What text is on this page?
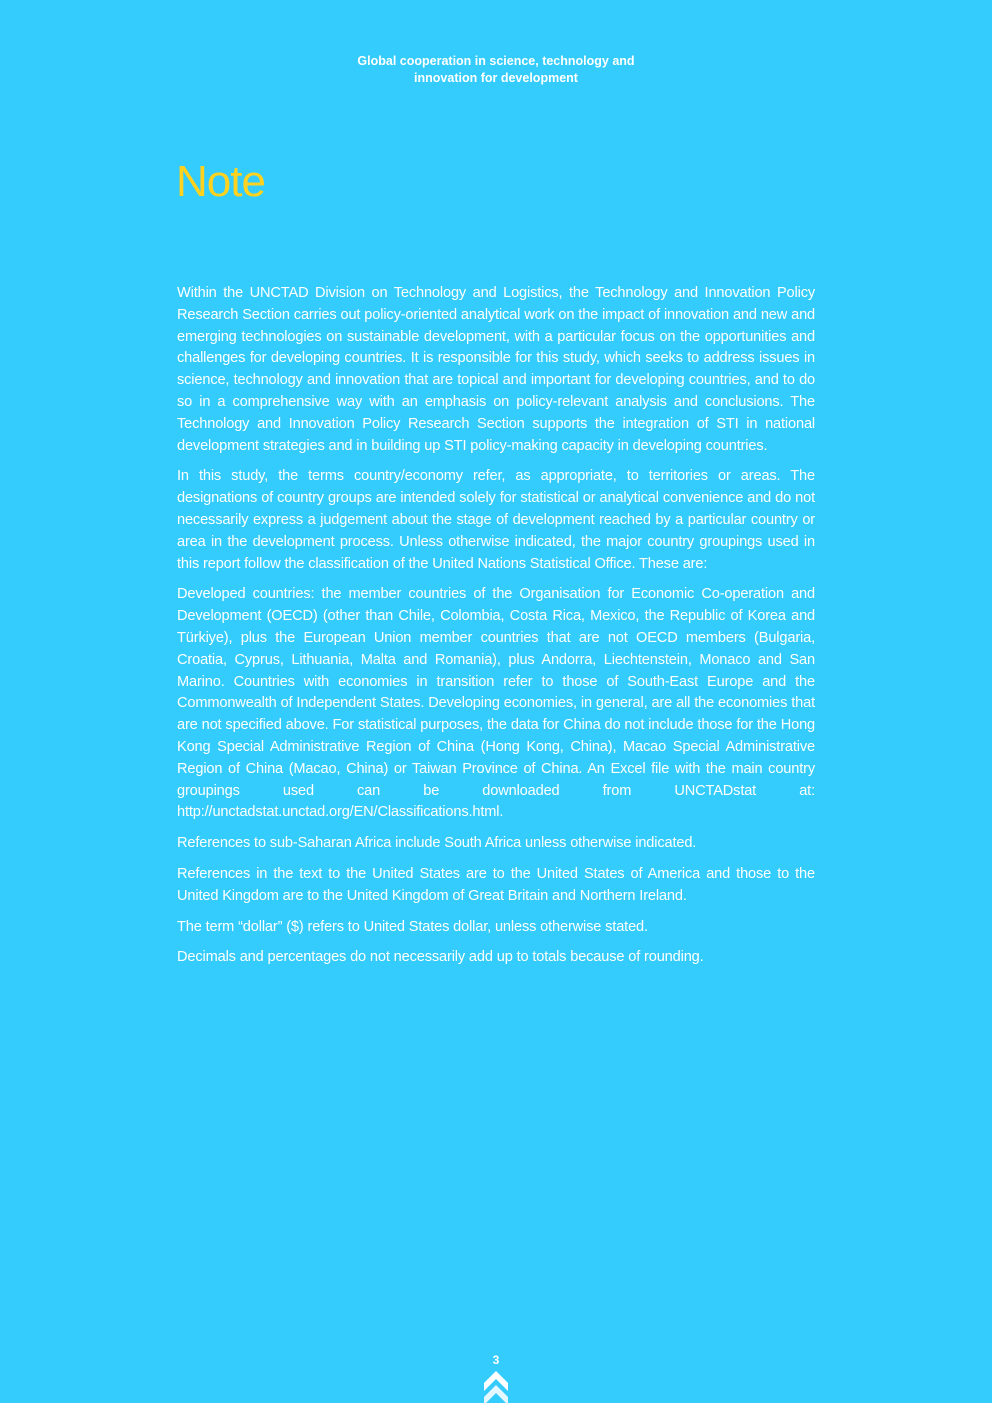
Global cooperation in science, technology and
innovation for development
Note

Within the UNCTAD Division on Technology and Logistics, the Technology and Innovation Policy Research Section carries out policy-oriented analytical work on the impact of innovation and new and emerging technologies on sustainable development, with a particular focus on the opportunities and challenges for developing countries. It is responsible for this study, which seeks to address issues in science, technology and innovation that are topical and important for developing countries, and to do so in a comprehensive way with an emphasis on policy-relevant analysis and conclusions. The Technology and Innovation Policy Research Section supports the integration of STI in national development strategies and in building up STI policy-making capacity in developing countries.

In this study, the terms country/economy refer, as appropriate, to territories or areas. The designations of country groups are intended solely for statistical or analytical convenience and do not necessarily express a judgement about the stage of development reached by a particular country or area in the development process. Unless otherwise indicated, the major country groupings used in this report follow the classification of the United Nations Statistical Office. These are:

Developed countries: the member countries of the Organisation for Economic Co-operation and Development (OECD) (other than Chile, Colombia, Costa Rica, Mexico, the Republic of Korea and Türkiye), plus the European Union member countries that are not OECD members (Bulgaria, Croatia, Cyprus, Lithuania, Malta and Romania), plus Andorra, Liechtenstein, Monaco and San Marino. Countries with economies in transition refer to those of South-East Europe and the Commonwealth of Independent States. Developing economies, in general, are all the economies that are not specified above. For statistical purposes, the data for China do not include those for the Hong Kong Special Administrative Region of China (Hong Kong, China), Macao Special Administrative Region of China (Macao, China) or Taiwan Province of China. An Excel file with the main country groupings used can be downloaded from UNCTADstat at: http://unctadstat.unctad.org/EN/Classifications.html.

References to sub-Saharan Africa include South Africa unless otherwise indicated.

References in the text to the United States are to the United States of America and those to the United Kingdom are to the United Kingdom of Great Britain and Northern Ireland.

The term “dollar” ($) refers to United States dollar, unless otherwise stated.

Decimals and percentages do not necessarily add up to totals because of rounding.

3
